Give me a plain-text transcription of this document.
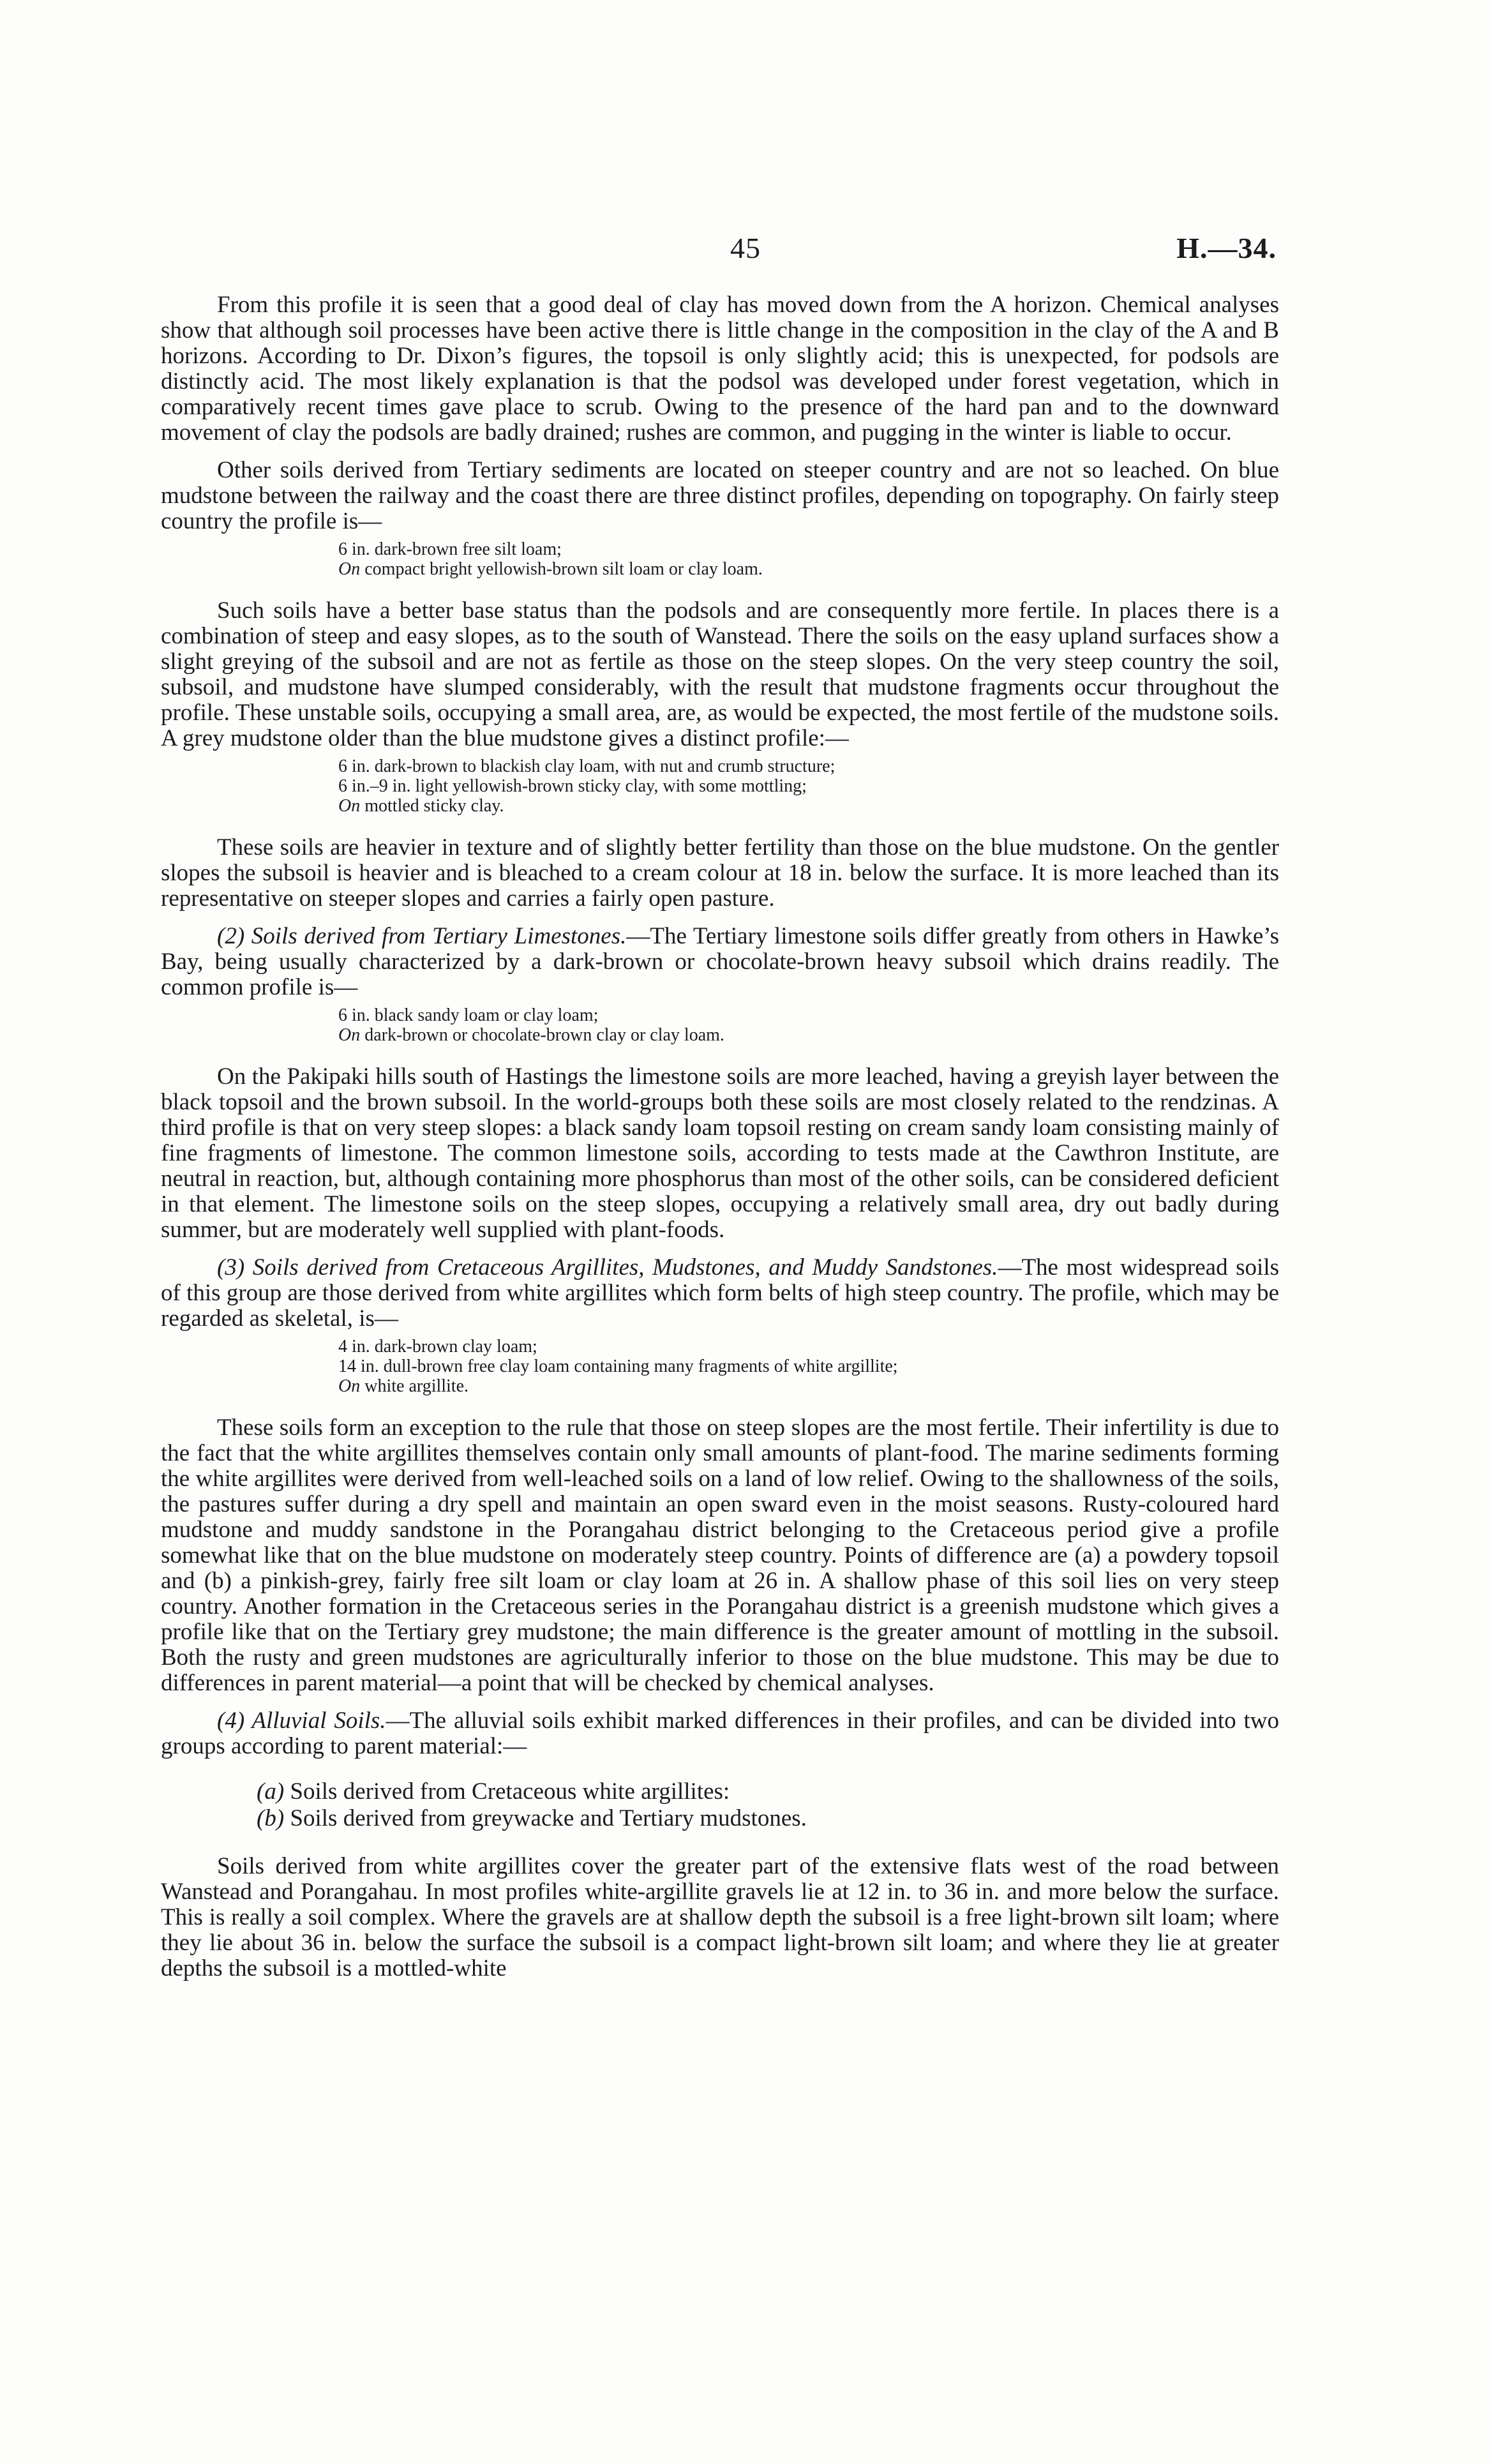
45	H.—34.

From this profile it is seen that a good deal of clay has moved down from the A horizon. Chemical analyses show that although soil processes have been active there is little change in the composition in the clay of the A and B horizons. According to Dr. Dixon’s figures, the topsoil is only slightly acid; this is unexpected, for podsols are distinctly acid. The most likely explanation is that the podsol was developed under forest vegetation, which in comparatively recent times gave place to scrub. Owing to the presence of the hard pan and to the downward movement of clay the podsols are badly drained; rushes are common, and pugging in the winter is liable to occur.

Other soils derived from Tertiary sediments are located on steeper country and are not so leached. On blue mudstone between the railway and the coast there are three distinct profiles, depending on topography. On fairly steep country the profile is—

6 in. dark-brown free silt loam;
On compact bright yellowish-brown silt loam or clay loam.

Such soils have a better base status than the podsols and are consequently more fertile. In places there is a combination of steep and easy slopes, as to the south of Wanstead. There the soils on the easy upland surfaces show a slight greying of the subsoil and are not as fertile as those on the steep slopes. On the very steep country the soil, subsoil, and mudstone have slumped considerably, with the result that mudstone fragments occur throughout the profile. These unstable soils, occupying a small area, are, as would be expected, the most fertile of the mudstone soils. A grey mudstone older than the blue mudstone gives a distinct profile:—

6 in. dark-brown to blackish clay loam, with nut and crumb structure;
6 in.–9 in. light yellowish-brown sticky clay, with some mottling;
On mottled sticky clay.

These soils are heavier in texture and of slightly better fertility than those on the blue mudstone. On the gentler slopes the subsoil is heavier and is bleached to a cream colour at 18 in. below the surface. It is more leached than its representative on steeper slopes and carries a fairly open pasture.

(2) Soils derived from Tertiary Limestones.—The Tertiary limestone soils differ greatly from others in Hawke’s Bay, being usually characterized by a dark-brown or chocolate-brown heavy subsoil which drains readily. The common profile is—

6 in. black sandy loam or clay loam;
On dark-brown or chocolate-brown clay or clay loam.

On the Pakipaki hills south of Hastings the limestone soils are more leached, having a greyish layer between the black topsoil and the brown subsoil. In the world-groups both these soils are most closely related to the rendzinas. A third profile is that on very steep slopes: a black sandy loam topsoil resting on cream sandy loam consisting mainly of fine fragments of limestone. The common limestone soils, according to tests made at the Cawthron Institute, are neutral in reaction, but, although containing more phosphorus than most of the other soils, can be considered deficient in that element. The limestone soils on the steep slopes, occupying a relatively small area, dry out badly during summer, but are moderately well supplied with plant-foods.

(3) Soils derived from Cretaceous Argillites, Mudstones, and Muddy Sandstones.—The most widespread soils of this group are those derived from white argillites which form belts of high steep country. The profile, which may be regarded as skeletal, is—

4 in. dark-brown clay loam;
14 in. dull-brown free clay loam containing many fragments of white argillite;
On white argillite.

These soils form an exception to the rule that those on steep slopes are the most fertile. Their infertility is due to the fact that the white argillites themselves contain only small amounts of plant-food. The marine sediments forming the white argillites were derived from well-leached soils on a land of low relief. Owing to the shallowness of the soils, the pastures suffer during a dry spell and maintain an open sward even in the moist seasons. Rusty-coloured hard mudstone and muddy sandstone in the Porangahau district belonging to the Cretaceous period give a profile somewhat like that on the blue mudstone on moderately steep country. Points of difference are (a) a powdery topsoil and (b) a pinkish-grey, fairly free silt loam or clay loam at 26 in. A shallow phase of this soil lies on very steep country. Another formation in the Cretaceous series in the Porangahau district is a greenish mudstone which gives a profile like that on the Tertiary grey mudstone; the main difference is the greater amount of mottling in the subsoil. Both the rusty and green mudstones are agriculturally inferior to those on the blue mudstone. This may be due to differences in parent material—a point that will be checked by chemical analyses.

(4) Alluvial Soils.—The alluvial soils exhibit marked differences in their profiles, and can be divided into two groups according to parent material:—

(a) Soils derived from Cretaceous white argillites:
(b) Soils derived from greywacke and Tertiary mudstones.

Soils derived from white argillites cover the greater part of the extensive flats west of the road between Wanstead and Porangahau. In most profiles white-argillite gravels lie at 12 in. to 36 in. and more below the surface. This is really a soil complex. Where the gravels are at shallow depth the subsoil is a free light-brown silt loam; where they lie about 36 in. below the surface the subsoil is a compact light-brown silt loam; and where they lie at greater depths the subsoil is a mottled-white
